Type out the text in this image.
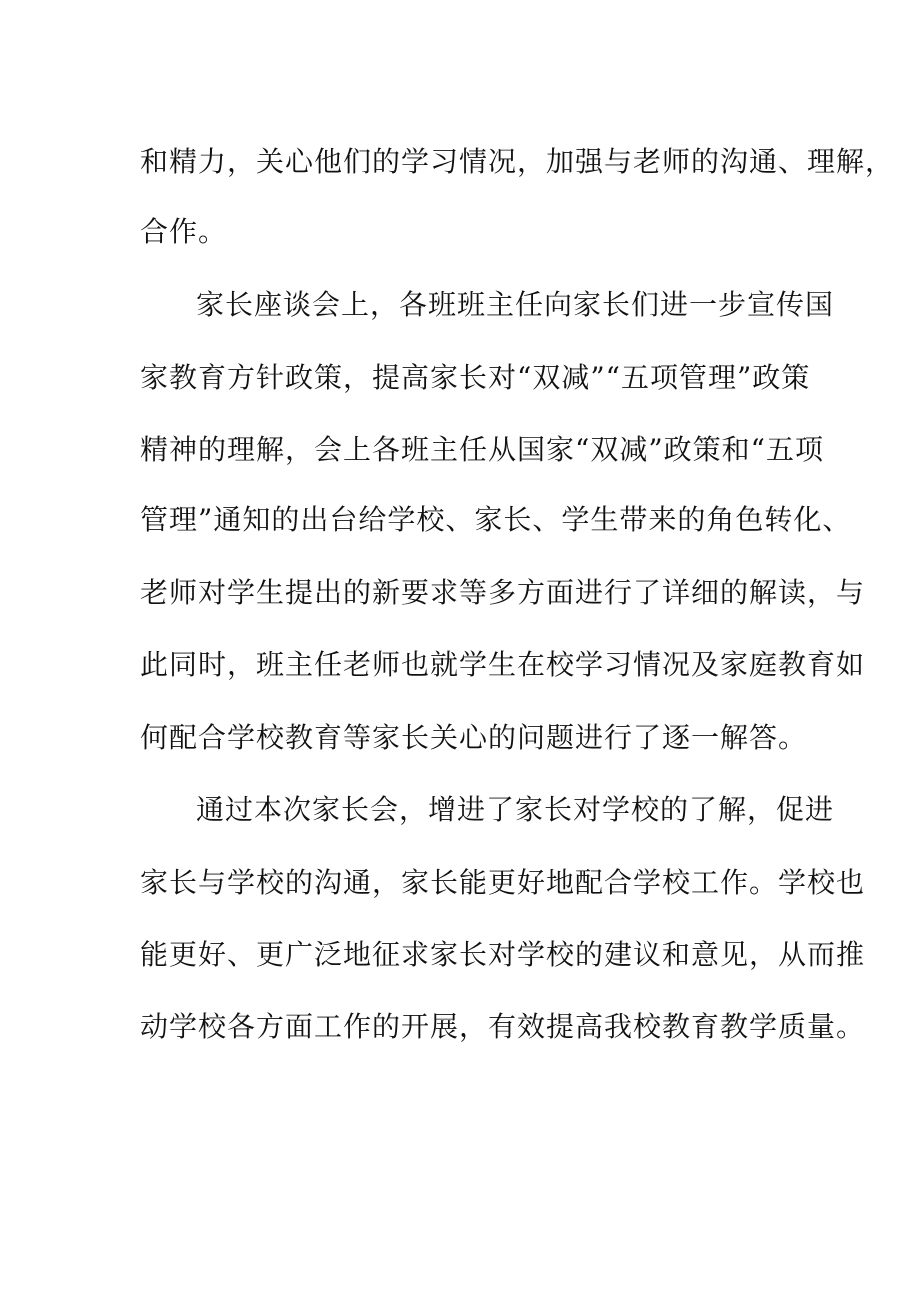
和精力，关心他们的学习情况，加强与老师的沟通、理解，
合作。
家长座谈会上，各班班主任向家长们进一步宣传国
家教育方针政策，提高家长对“双减”“五项管理”政策
精神的理解，会上各班主任从国家“双减”政策和“五项
管理”通知的出台给学校、家长、学生带来的角色转化、
老师对学生提出的新要求等多方面进行了详细的解读，与
此同时，班主任老师也就学生在校学习情况及家庭教育如
何配合学校教育等家长关心的问题进行了逐一解答。
通过本次家长会，增进了家长对学校的了解，促进
家长与学校的沟通，家长能更好地配合学校工作。学校也
能更好、更广泛地征求家长对学校的建议和意见，从而推
动学校各方面工作的开展，有效提高我校教育教学质量。
